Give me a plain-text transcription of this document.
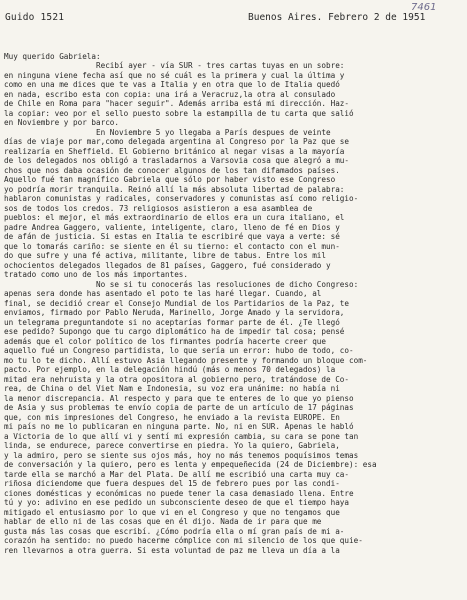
Guido 1521	Buenos Aires. Febrero 2 de 1951
7461
Muy querido Gabriela:
Recibí ayer - vía SUR - tres cartas tuyas en un sobre:
en ninguna viene fecha así que no sé cuál es la primera y cual la última y
como en una me dices que te vas a Italia y en otra que lo de Italia quedó
en nada, escribo esta con copia: una irá a Veracruz,la otra al consulado
de Chile en Roma para "hacer seguir". Además arriba está mi dirección. Haz-
la copiar: veo por el sello puesto sobre la estampilla de tu carta que salió
en Noviembre y por barco.
En Noviembre 5 yo llegaba a París despues de veinte
días de viaje por mar,como delegada argentina al Congreso por la Paz que se
realizaría en Sheffield. El Gobierno británico al negar visas a la mayoría
de los delegados nos obligó a trasladarnos a Varsovia cosa que alegró a mu-
chos que nos daba ocasión de conocer algunos de los tan difamados países.
Aquello fué tan magnífico Gabriela que sólo por haber visto ese Congreso
yo podría morir tranquila. Reinó allí la más absoluta libertad de palabra:
hablaron comunistas y radicales, conservadores y comunistas así como religio-
sos de todos los credos. 73 religiosos asistieron a esa asamblea de
pueblos: el mejor, el más extraordinario de ellos era un cura italiano, el
padre Andrea Gaggero, valiente, inteligente, claro, lleno de fé en Dios y
de afán de justicia. Si estas en Italia te escribiré que vaya a verte: sé
que lo tomarás cariño: se siente en él su tierno: el contacto con el mun-
do que sufre y una fé activa, militante, libre de tabus. Entre los mil
ochocientos delegados llegados de 81 países, Gaggero, fué considerado y
tratado como uno de los más importantes.
No se si tu conocerás las resoluciones de dicho Congreso:
apenas sera donde has asentado el poto te las haré llegar. Cuando, al
final, se decidió crear el Consejo Mundial de los Partidarios de la Paz, te
enviamos, firmado por Pablo Neruda, Marinello, Jorge Amado y la servidora,
un telegrama preguntandote si no aceptarías formar parte de él. ¿Te llegó
ese pedido? Supongo que tu cargo diplomático ha de impedir tal cosa; pensé
además que el color político de los firmantes podría hacerte creer que
aquello fué un Congreso partidista, lo que sería un error: hubo de todo, co-
mo tu lo te dicho. Allí estuvo Asia llegando presente y formando un bloque com-
pacto. Por ejemplo, en la delegación hindú (más o menos 70 delegados) la
mitad era nehruista y la otra opositora al gobierno pero, tratándose de Co-
rea, de China o del Viet Nam e Indonesia, su voz era unánime: no había ni
la menor discrepancia. Al respecto y para que te enteres de lo que yo pienso
de Asia y sus problemas te envío copia de parte de un artículo de 17 páginas
que, con mis impresiones del Congreso, he enviado a la revista EUROPE. En
mi país no me lo publicaran en ninguna parte. No, ni en SUR. Apenas le habló
a Victoria de lo que allí vi y sentí mi expresión cambia, su cara se pone tan
linda, se endurece, parece convertirse en piedra. Yo la quiero, Gabriela,
y la admiro, pero se siente sus ojos más, hoy no más tenemos poquísimos temas
de conversación y la quiero, pero es lenta y empequeñecida (24 de Diciembre): esa
tarde ella se marchó a Mar del Plata. De allí me escribió una carta muy ca-
riñosa diciendome que fuera despues del 15 de febrero pues por las condi-
ciones domésticas y económicas no puede tener la casa demasiado llena. Entre
tú y yo: adivino en ese pedido un subconsciente deseo de que el tiempo haya
mitigado el entusiasmo por lo que vi en el Congreso y que no tengamos que
hablar de ello ni de las cosas que en él dijo. Nada de ir para que me
gusta más las cosas que escribí. ¿Cómo podría ella o mí gran país de mi a-
corazón ha sentido: no puedo hacerme cómplice con mi silencio de los que quie-
ren llevarnos a otra guerra. Si esta voluntad de paz me lleva un día a la
